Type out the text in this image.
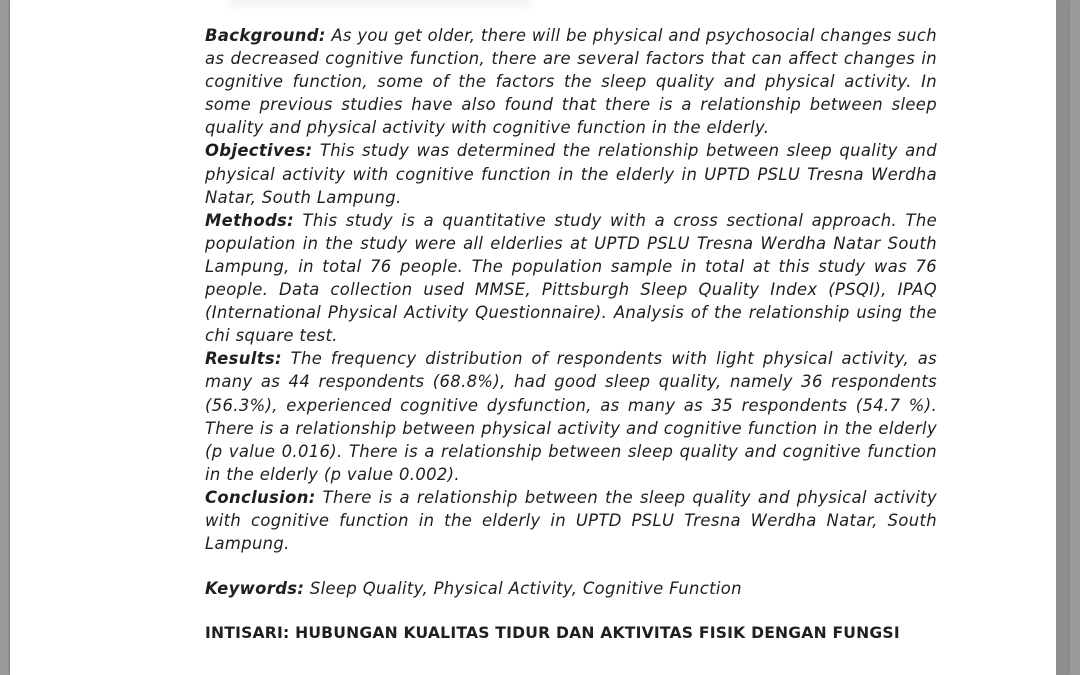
Background: As you get older, there will be physical and psychosocial changes such as decreased cognitive function, there are several factors that can affect changes in cognitive function, some of the factors the sleep quality and physical activity. In some previous studies have also found that there is a relationship between sleep quality and physical activity with cognitive function in the elderly.

Objectives: This study was determined the relationship between sleep quality and physical activity with cognitive function in the elderly in UPTD PSLU Tresna Werdha Natar, South Lampung.

Methods: This study is a quantitative study with a cross sectional approach. The population in the study were all elderlies at UPTD PSLU Tresna Werdha Natar South Lampung, in total 76 people. The population sample in total at this study was 76 people. Data collection used MMSE, Pittsburgh Sleep Quality Index (PSQI), IPAQ (International Physical Activity Questionnaire). Analysis of the relationship using the chi square test.

Results: The frequency distribution of respondents with light physical activity, as many as 44 respondents (68.8%), had good sleep quality, namely 36 respondents (56.3%), experienced cognitive dysfunction, as many as 35 respondents (54.7 %). There is a relationship between physical activity and cognitive function in the elderly (p value 0.016). There is a relationship between sleep quality and cognitive function in the elderly (p value 0.002).

Conclusion: There is a relationship between the sleep quality and physical activity with cognitive function in the elderly in UPTD PSLU Tresna Werdha Natar, South Lampung.

Keywords: Sleep Quality, Physical Activity, Cognitive Function

INTISARI: HUBUNGAN KUALITAS TIDUR DAN AKTIVITAS FISIK DENGAN FUNGSI
